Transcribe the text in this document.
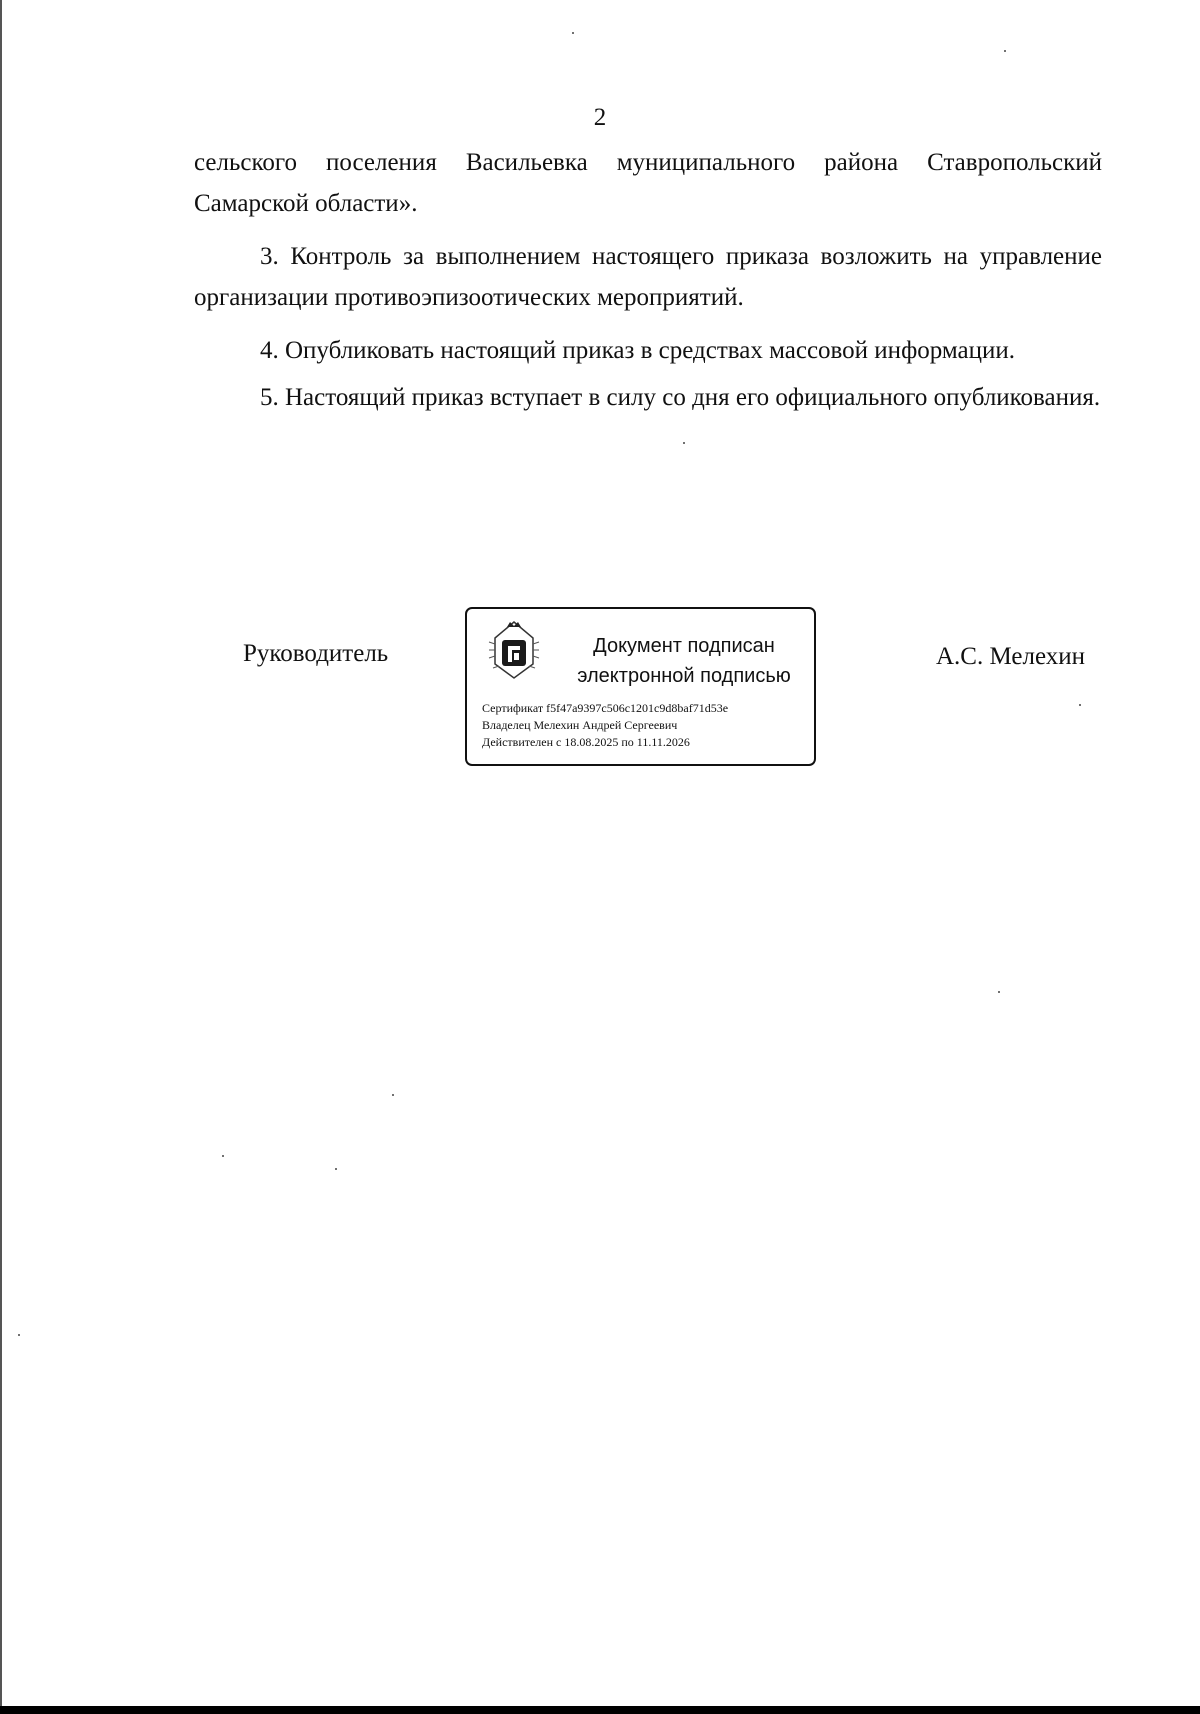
2

сельского поселения Васильевка муниципального района Ставропольский Самарской области».

3. Контроль за выполнением настоящего приказа возложить на управление организации противоэпизоотических мероприятий.

4. Опубликовать настоящий приказ в средствах массовой информации.

5. Настоящий приказ вступает в силу со дня его официального опубликования.

Руководитель	Документ подписан
электронной подписью
Сертификат f5f47a9397c506c1201c9d8baf71d53e
Владелец Мелехин Андрей Сергеевич
Действителен с 18.08.2025 по 11.11.2026
А.С. Мелехин
